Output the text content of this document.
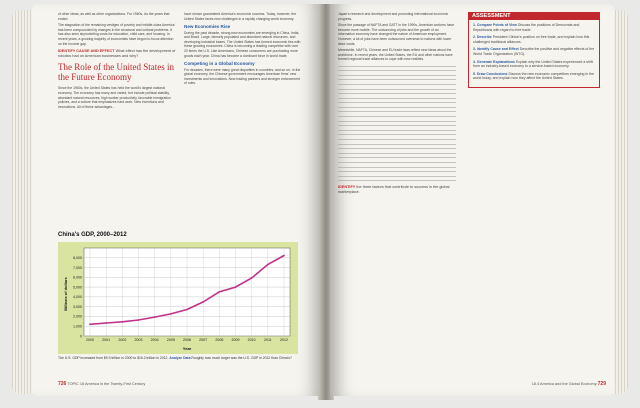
of other ideas, as well as other organizations. For 1960s, As the years that ended.

The stagnation of the remaining vestiges of poverty and middle-class America has been compounded by changes in the structural and cultural problems. It has also seen skyrocketing costs for education, child care, and housing. In recent years, a growing majority of economists have begun to focus attention on the income gap.

IDENTIFY CAUSE AND EFFECT What effect has the development of robotics had on American businesses and why?
The Role of the United States in the Future Economy

Since the 1960s, the United States has held the world's largest national economy. The economy has many and varied, but include political stability, abundant natural resources, high worker productivity, favorable immigration policies, and a culture that emphasizes hard work. New inventions and innovations. All of these advantages...

have shown guaranteed America's economic success. Today, however, the United States faces new challenges in a rapidly changing world economy.

New Economies Rise

During the past decade, strong new economies are emerging in China, India, and Brazil. Large, densely populated and abundant natural resources, and developing industrial bases. The United States has formed economic ties with these growing economies. China is becoming a leading competitor with over 20 times the U.S. Like Americans, Chinese consumers are purchasing more goods each year. China has become a dominant force in world trade.

Competing in a Global Economy

For decades, there were many great disparities in countries, and so on. In the global economy, the Chinese government encourages American firms' new investments and innovations. New trading partners and stronger enforcement of rules.

China's GDP, 2000–2012
0
1,000
2,000
3,000
4,000
5,000
6,000
7,000
8,000
2000 2001 2002 2003 2004 2005 2006 2007 2008 2009 2010 2011 2012
Billions of dollars
Year
The U.S. GDP increased from $9.9 trillion in 2000 to $16.2 trillion in 2012. Analyze Data Roughly how much larger was the U.S. GDP in 2012 than China's?
726 TOPIC 18 America in the Twenty-First Century

Japan's research and development and promoting international economic progress.

Since the passage of NAFTA and GATT in the 1990s, American workers have become more mobile. The outsourcing of jobs and the growth of an information economy have changed the nature of American employment. However, a lot of jobs have been outsourced overseas to nations with lower labor costs.

Meanwhile, NAFTA, Chinese and EU trade laws reflect new ideas about the workforce. In recent years, the United States, the EU and other nations have formed regional trade alliances to cope with new realities.

IDENTIFY the three factors that contribute to success in the global marketplace.
ASSESSMENT
1. Compare Points of View Discuss the positions of Democrats and Republicans with regard to free trade.
2. Describe President Clinton's position on free trade, and explain how this challenged traditional alliances.
3. Identify Cause and Effect Describe the positive and negative effects of the World Trade Organization (WTO).
4. Generate Explanations Explain why the United States experienced a shift from an industry-based economy to a service-based economy.
5. Draw Conclusions Discuss the new economic competitors emerging in the world today, and explain how they affect the United States.
18.4 America and the Global Economy 729
